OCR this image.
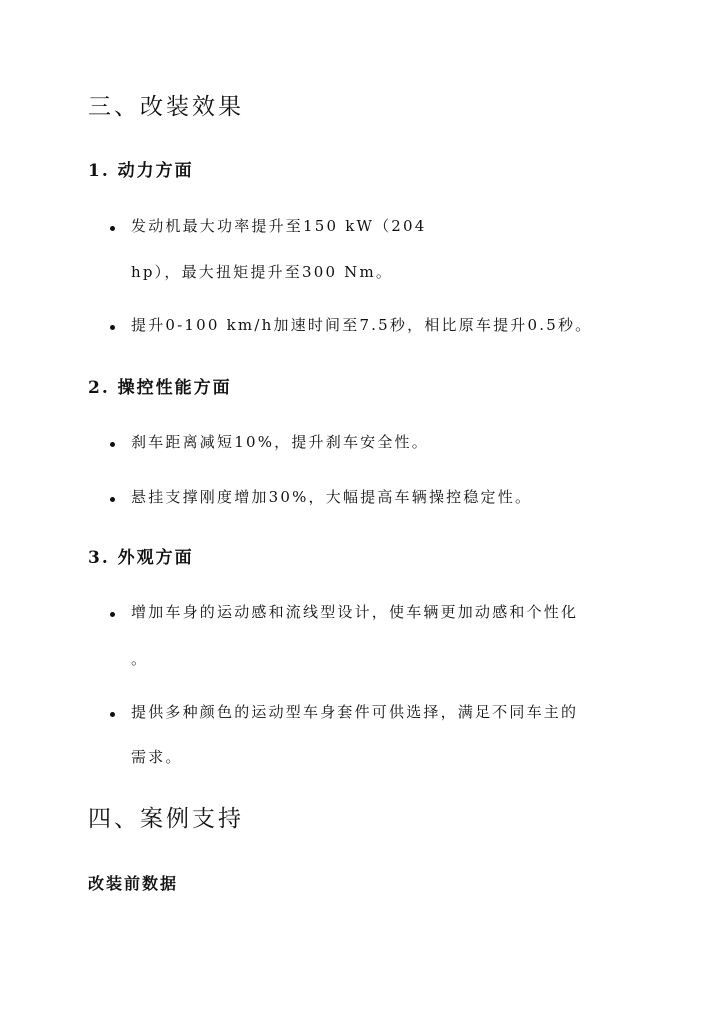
三、改装效果
1. 动力方面
发动机最大功率提升至150 kW（204
hp），最大扭矩提升至300 Nm。
提升0-100 km/h加速时间至7.5秒，相比原车提升0.5秒。
2. 操控性能方面
刹车距离减短10%，提升刹车安全性。
悬挂支撑刚度增加30%，大幅提高车辆操控稳定性。
3. 外观方面
增加车身的运动感和流线型设计，使车辆更加动感和个性化
。
提供多种颜色的运动型车身套件可供选择，满足不同车主的
需求。
四、案例支持
改装前数据
